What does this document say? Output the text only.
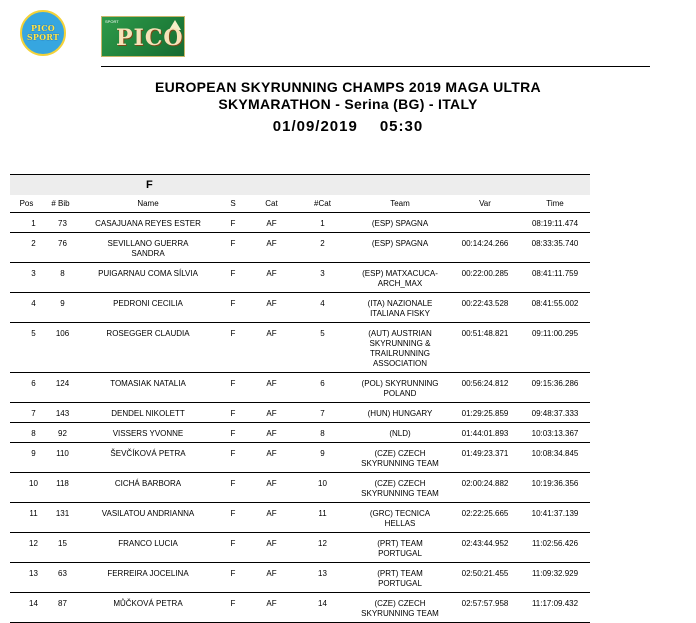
PICO
SPORT
SPORT
PICO
EUROPEAN SKYRUNNING CHAMPS 2019 MAGA ULTRA
SKYMARATHON - Serina (BG) - ITALY
01/09/2019 05:30
F								
Pos	# Bib	Name	S	Cat	#Cat	Team	Var	Time
1	73	CASAJUANA REYES ESTER	F	AF	1	(ESP) SPAGNA		08:19:11.474
2	76	SEVILLANO GUERRA
SANDRA	F	AF	2	(ESP) SPAGNA	00:14:24.266	08:33:35.740
3	8	PUIGARNAU COMA SÍLVIA	F	AF	3	(ESP) MATXACUCA-
ARCH_MAX	00:22:00.285	08:41:11.759
4	9	PEDRONI CECILIA	F	AF	4	(ITA) NAZIONALE
ITALIANA FISKY	00:22:43.528	08:41:55.002
5	106	ROSEGGER CLAUDIA	F	AF	5	(AUT) AUSTRIAN
SKYRUNNING &
TRAILRUNNING
ASSOCIATION	00:51:48.821	09:11:00.295
6	124	TOMASIAK NATALIA	F	AF	6	(POL) SKYRUNNING
POLAND	00:56:24.812	09:15:36.286
7	143	DENDEL NIKOLETT	F	AF	7	(HUN) HUNGARY	01:29:25.859	09:48:37.333
8	92	VISSERS YVONNE	F	AF	8	(NLD)	01:44:01.893	10:03:13.367
9	110	ŠEVČÍKOVÁ PETRA	F	AF	9	(CZE) CZECH
SKYRUNNING TEAM	01:49:23.371	10:08:34.845
10	118	CICHÁ BARBORA	F	AF	10	(CZE) CZECH
SKYRUNNING TEAM	02:00:24.882	10:19:36.356
11	131	VASILATOU ANDRIANNA	F	AF	11	(GRC) TECNICA
HELLAS	02:22:25.665	10:41:37.139
12	15	FRANCO LUCIA	F	AF	12	(PRT) TEAM
PORTUGAL	02:43:44.952	11:02:56.426
13	63	FERREIRA JOCELINA	F	AF	13	(PRT) TEAM
PORTUGAL	02:50:21.455	11:09:32.929
14	87	MŮČKOVÁ PETRA	F	AF	14	(CZE) CZECH
SKYRUNNING TEAM	02:57:57.958	11:17:09.432
